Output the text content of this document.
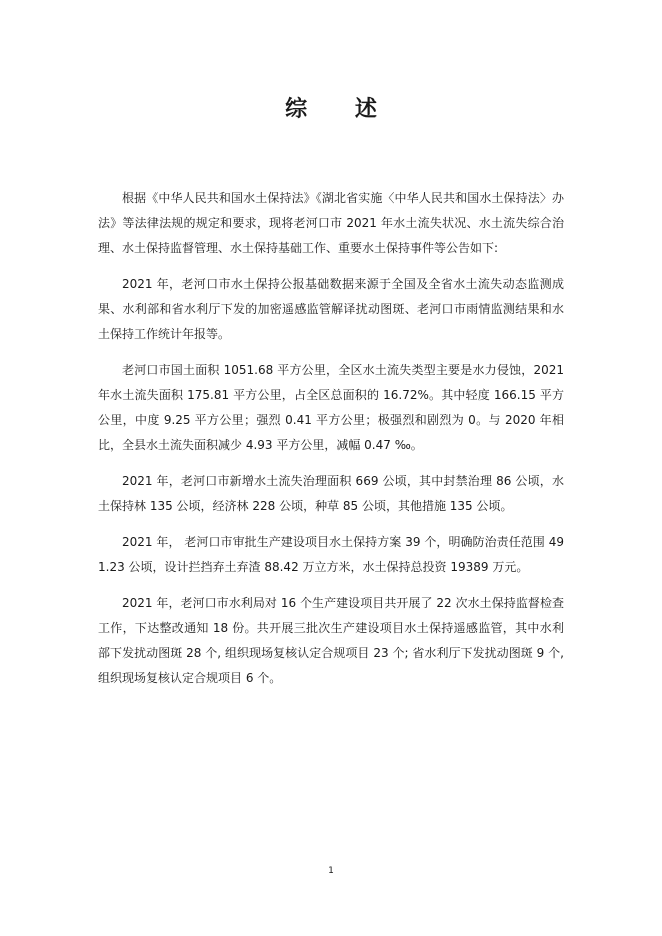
综 述

根据《中华人民共和国水土保持法》《湖北省实施〈中华人民共和国水土保持法〉办法》等法律法规的规定和要求，现将老河口市 2021 年水土流失状况、水土流失综合治理、水土保持监督管理、水土保持基础工作、重要水土保持事件等公告如下:

2021 年，老河口市水土保持公报基础数据来源于全国及全省水土流失动态监测成果、水利部和省水利厅下发的加密遥感监管解译扰动图斑、老河口市雨情监测结果和水土保持工作统计年报等。

老河口市国土面积 1051.68 平方公里，全区水土流失类型主要是水力侵蚀，2021 年水土流失面积 175.81 平方公里，占全区总面积的 16.72%。其中轻度 166.15 平方公里，中度 9.25 平方公里；强烈 0.41 平方公里；极强烈和剧烈为 0。与 2020 年相比，全县水土流失面积减少 4.93 平方公里，减幅 0.47 ‰。

2021 年，老河口市新增水土流失治理面积 669 公顷，其中封禁治理 86 公顷，水土保持林 135 公顷，经济林 228 公顷，种草 85 公顷，其他措施 135 公顷。

2021 年， 老河口市审批生产建设项目水土保持方案 39 个，明确防治责任范围 491.23 公顷，设计拦挡弃土弃渣 88.42 万立方米，水土保持总投资 19389 万元。

2021 年，老河口市水利局对 16 个生产建设项目共开展了 22 次水土保持监督检查工作，下达整改通知 18 份。共开展三批次生产建设项目水土保持遥感监管，其中水利部下发扰动图斑 28 个, 组织现场复核认定合规项目 23 个; 省水利厅下发扰动图斑 9 个, 组织现场复核认定合规项目 6 个。

1
